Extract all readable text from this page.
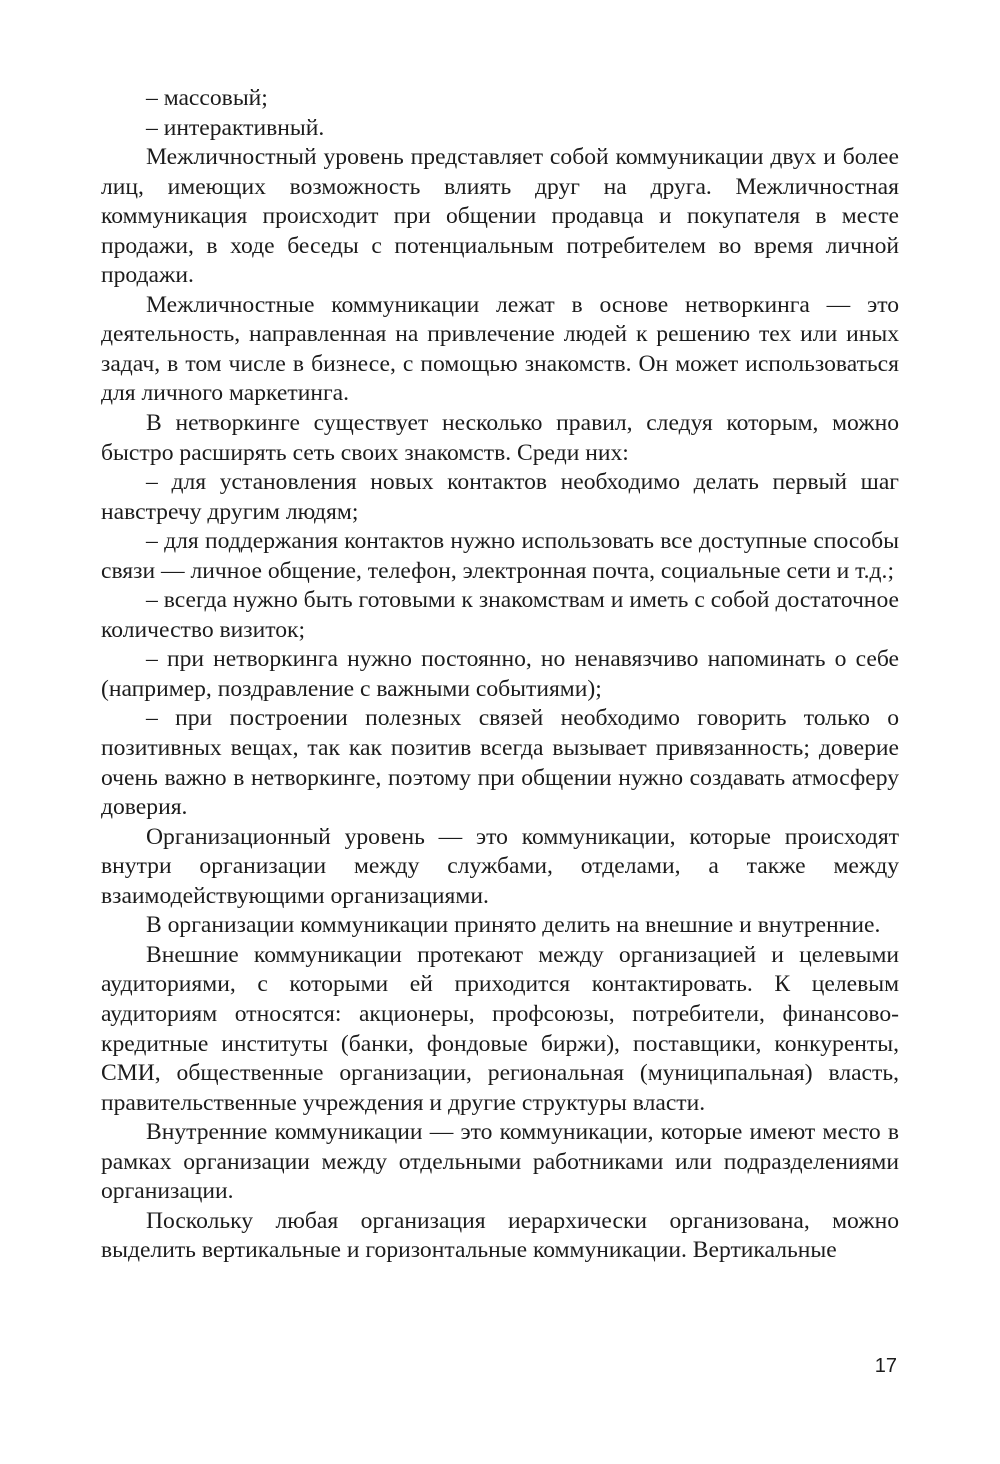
– массовый;

– интерактивный.

Межличностный уровень представляет собой коммуникации двух и более лиц, имеющих возможность влиять друг на друга. Межличностная коммуникация происходит при общении продавца и покупателя в месте продажи, в ходе беседы с потенциальным потребителем во время личной продажи.

Межличностные коммуникации лежат в основе нетворкинга — это деятельность, направленная на привлечение людей к решению тех или иных задач, в том числе в бизнесе, с помощью знакомств. Он может использоваться для личного маркетинга.

В нетворкинге существует несколько правил, следуя которым, можно быстро расширять сеть своих знакомств. Среди них:

– для установления новых контактов необходимо делать первый шаг навстречу другим людям;

– для поддержания контактов нужно использовать все доступные способы связи — личное общение, телефон, электронная почта, социальные сети и т.д.;

– всегда нужно быть готовыми к знакомствам и иметь с собой достаточное количество визиток;

– при нетворкинга нужно постоянно, но ненавязчиво напоминать о себе (например, поздравление с важными событиями);

– при построении полезных связей необходимо говорить только о позитивных вещах, так как позитив всегда вызывает привязанность; доверие очень важно в нетворкинге, поэтому при общении нужно создавать атмосферу доверия.

Организационный уровень — это коммуникации, которые происходят внутри организации между службами, отделами, а также между взаимодействующими организациями.

В организации коммуникации принято делить на внешние и внутренние.

Внешние коммуникации протекают между организацией и целевыми аудиториями, с которыми ей приходится контактировать. К целевым аудиториям относятся: акционеры, профсоюзы, потребители, финансово-кредитные институты (банки, фондовые биржи), поставщики, конкуренты, СМИ, общественные организации, региональная (муниципальная) власть, правительственные учреждения и другие структуры власти.

Внутренние коммуникации — это коммуникации, которые имеют место в рамках организации между отдельными работниками или подразделениями организации.

Поскольку любая организация иерархически организована, можно выделить вертикальные и горизонтальные коммуникации. Вертикальные

17
